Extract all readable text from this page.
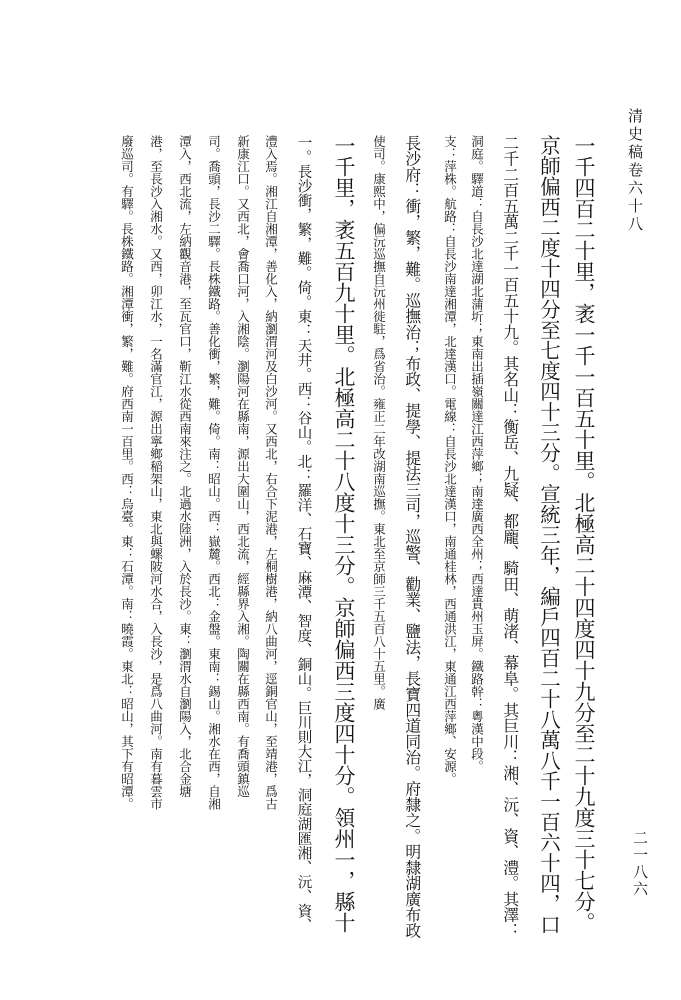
清史稿卷六十八
二一八六
一千四百二十里，袤一千一百五十里。北極高二十四度四十九分至二十九度三十七分。
京師偏西二度十四分至七度四十三分。宣統三年，編戶四百二十八萬八千一百六十四，口
二千二百五萬二千一百五十九。其名山：衡岳、九疑、都龐、騎田、萌渚、幕阜。其巨川：湘、沅、資、澧。其澤：
洞庭。驛道：自長沙北達湖北蒲圻；東南出插嶺關達江西萍鄉；南達廣西全州；西達貴州玉屏。鐵路幹：粵漢中段。
支：萍株。航路：自長沙南達湘潭，北達漢口。電線：自長沙北達漢口，南通桂林，西通洪江，東通江西萍鄉、安源。
長沙府：衝，繁，難。巡撫治；布政、提學、提法三司，巡警、勸業、鹽法，長寶四道同治。府隸之。明隸湖廣布政
使司。康熙中，偏沅巡撫自沅州徙駐，爲省治。雍正二年改湖南巡撫。東北至京師三千五百八十五里。廣
一千里，袤五百九十里。北極高二十八度十三分。京師偏西三度四十分。領州一，縣十
一。長沙衝，繁，難。倚。東：天井。西：谷山。北：羅洋、石寶、麻潭、智度、銅山。巨川則大江，洞庭湖匯湘、沅、資、
澧入焉。湘江自湘潭，善化入，納瀏渭河及白沙河。又西北，右合下泥港，左桐樹港，納八曲河，逕銅官山，至靖港，爲古
新康江口。又西北，會喬口河，入湘陰。瀏陽河在縣南，源出大圍山，西北流，經縣界入湘。陶關在縣西南。有喬頭鎮巡
司。喬頭，長沙二驛。長株鐵路。善化衝，繁，難。倚。南：昭山。西：嶽麓。西北：金盤。東南：錫山。湘水在西，自湘
潭入，西北流，左納觀音港，至瓦官口，靳江水從西南來注之。北過水陸洲，入於長沙。東：瀏渭水自瀏陽入，北合金塘
港，至長沙入湘水。又西，卯江水，一名滿官江，源出寧鄉稲架山，東北與螺陂河水合，入長沙，是爲八曲河。南有暮雲市
廢巡司。有驛。長株鐵路。湘潭衝，繁，難。府西南一百里。西：烏臺。東：石潭。南：曉霞。東北：昭山，其下有昭潭。
